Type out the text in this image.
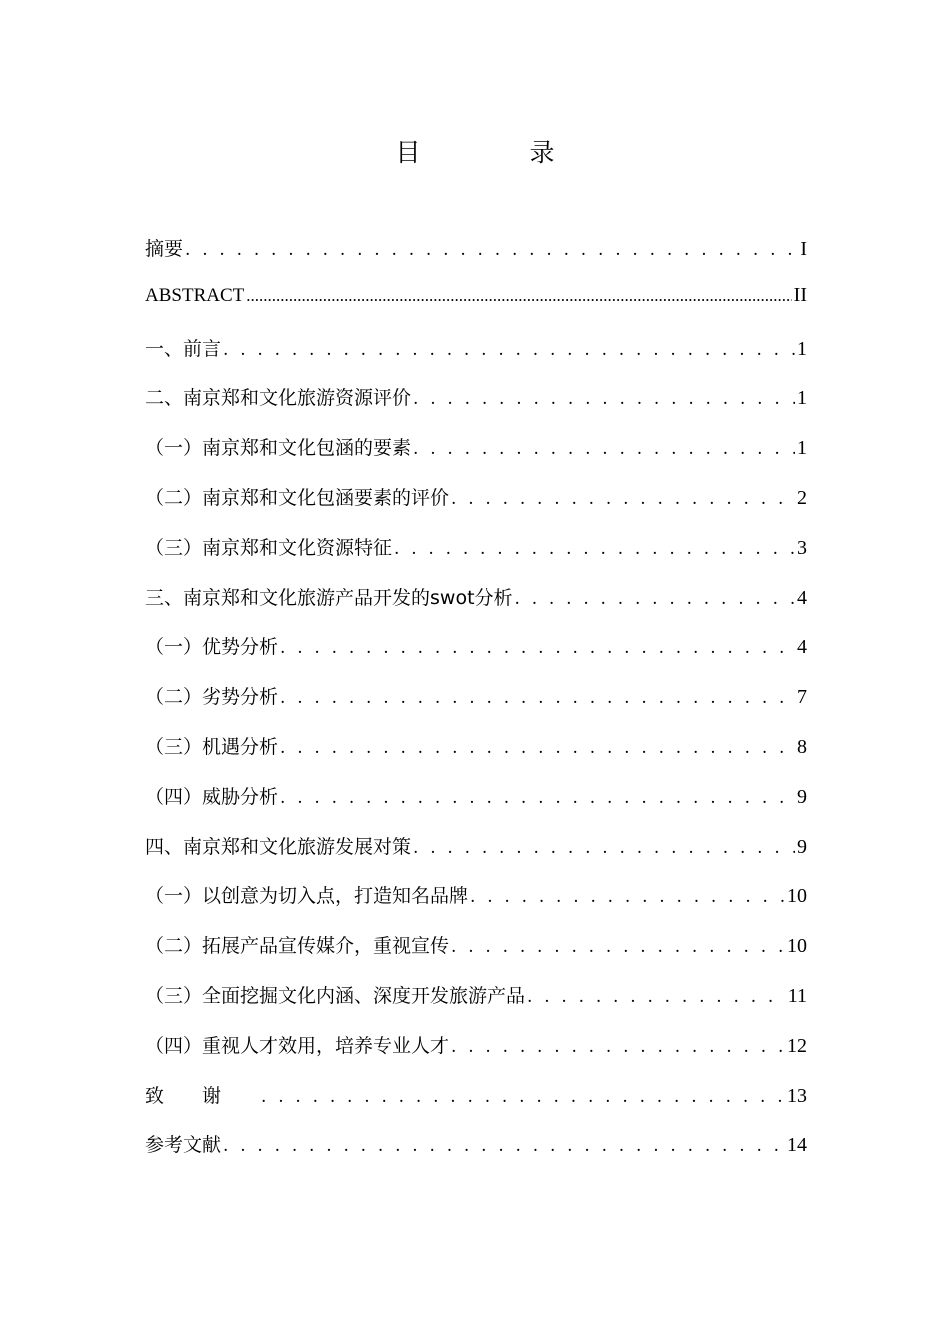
目　录
摘要 . . .	I
ABSTRACT .....	II
一、前言 . . .	1
二、南京郑和文化旅游资源评价 . . .	1
（一）南京郑和文化包涵的要素 . . .	1
（二）南京郑和文化包涵要素的评价 . . .	2
（三）南京郑和文化资源特征 . . .	3
三、南京郑和文化旅游产品开发的swot分析 . . .	4
（一）优势分析 . . .	4
（二）劣势分析 . . .	7
（三）机遇分析 . . .	8
（四）威胁分析 . . .	9
四、南京郑和文化旅游发展对策 . . .	9
（一）以创意为切入点，打造知名品牌 . . .	10
（二）拓展产品宣传媒介，重视宣传 . . .	10
（三）全面挖掘文化内涵、深度开发旅游产品 . . .	11
（四）重视人才效用，培养专业人才 . . .	12
致谢 . . .	13
参考文献 . . .	14
